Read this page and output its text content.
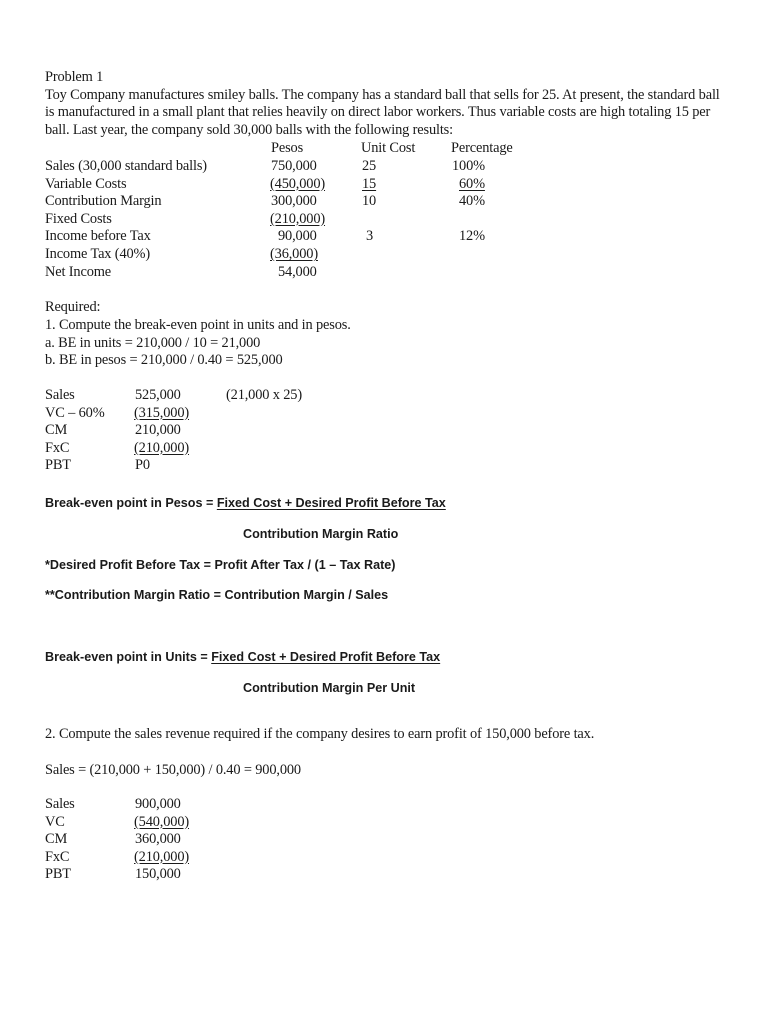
Problem 1
Toy Company manufactures smiley balls. The company has a standard ball that sells for 25. At present, the standard ball
is manufactured in a small plant that relies heavily on direct labor workers. Thus variable costs are high totaling 15 per
ball. Last year, the company sold 30,000 balls with the following results:
Pesos	Unit Cost Percentage
Sales (30,000 standard balls)	750,000	25	100%
Variable Costs	(450,000)	15	60%
Contribution Margin	300,000	10	40%
Fixed Costs	(210,000)
Income before Tax	90,000	3	12%
Income Tax (40%)	(36,000)
Net Income	54,000
Required:
1. Compute the break-even point in units and in pesos.
a. BE in units = 210,000 / 10 = 21,000
b. BE in pesos = 210,000 / 0.40 = 525,000
Sales	525,000	(21,000 x 25)
VC – 60% (315,000)
CM	210,000
FxC	(210,000)
PBT	P0
Break-even point in Pesos = Fixed Cost + Desired Profit Before Tax
Contribution Margin Ratio
*Desired Profit Before Tax = Profit After Tax / (1 – Tax Rate)
**Contribution Margin Ratio = Contribution Margin / Sales
Break-even point in Units = Fixed Cost + Desired Profit Before Tax
Contribution Margin Per Unit
2. Compute the sales revenue required if the company desires to earn profit of 150,000 before tax.
Sales = (210,000 + 150,000) / 0.40 = 900,000
Sales	900,000
VC	(540,000)
CM	360,000
FxC	(210,000)
PBT	150,000
